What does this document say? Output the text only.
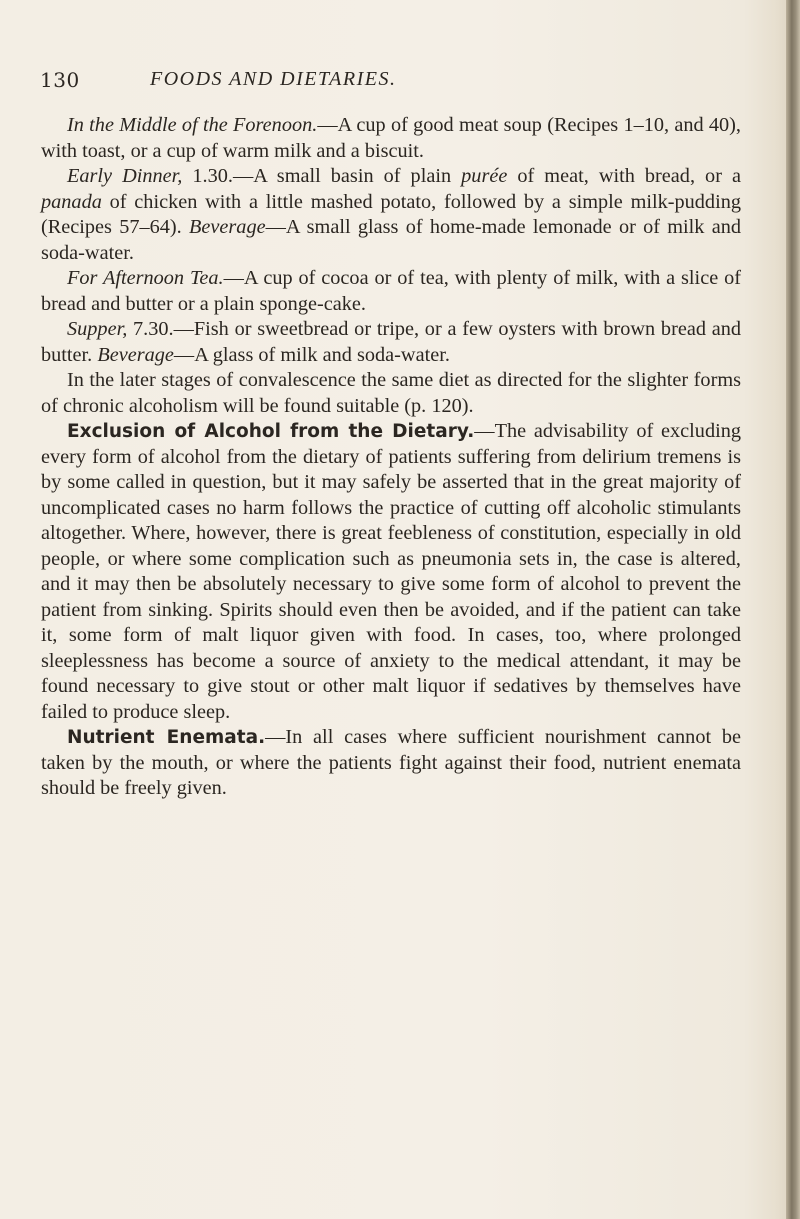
130	FOODS AND DIETARIES.

In the Middle of the Forenoon.—A cup of good meat soup (Recipes 1–10, and 40), with toast, or a cup of warm milk and a biscuit.

Early Dinner, 1.30.—A small basin of plain purée of meat, with bread, or a panada of chicken with a little mashed potato, followed by a simple milk-pudding (Recipes 57–64). Beverage—A small glass of home-made lemonade or of milk and soda-water.

For Afternoon Tea.—A cup of cocoa or of tea, with plenty of milk, with a slice of bread and butter or a plain sponge-cake.

Supper, 7.30.—Fish or sweetbread or tripe, or a few oysters with brown bread and butter. Beverage—A glass of milk and soda-water.

In the later stages of convalescence the same diet as directed for the slighter forms of chronic alcoholism will be found suitable (p. 120).

Exclusion of Alcohol from the Dietary.—The advisability of excluding every form of alcohol from the dietary of patients suffering from delirium tremens is by some called in question, but it may safely be asserted that in the great majority of uncomplicated cases no harm follows the practice of cutting off alcoholic stimulants altogether. Where, however, there is great feebleness of constitution, especially in old people, or where some complication such as pneumonia sets in, the case is altered, and it may then be absolutely necessary to give some form of alcohol to prevent the patient from sinking. Spirits should even then be avoided, and if the patient can take it, some form of malt liquor given with food. In cases, too, where prolonged sleeplessness has become a source of anxiety to the medical attendant, it may be found necessary to give stout or other malt liquor if sedatives by themselves have failed to produce sleep.

Nutrient Enemata.—In all cases where sufficient nourishment cannot be taken by the mouth, or where the patients fight against their food, nutrient enemata should be freely given.
